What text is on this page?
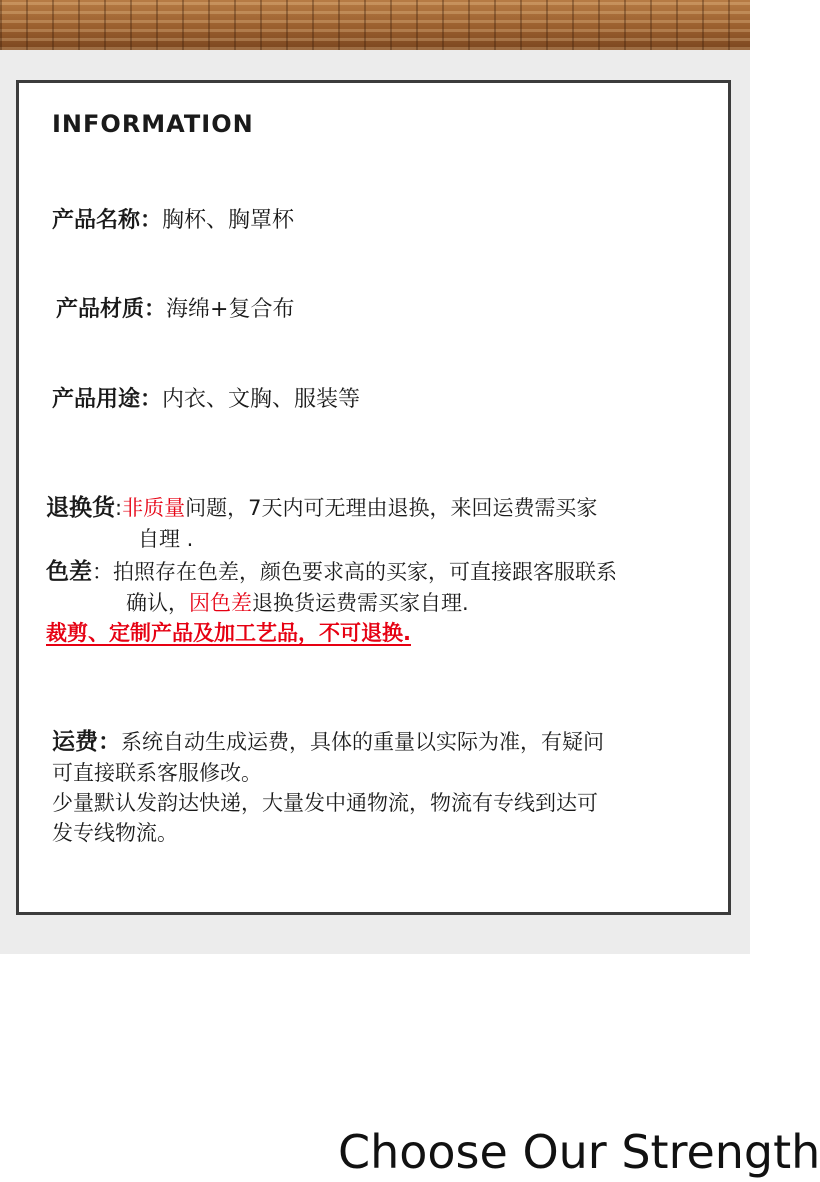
INFORMATION
产品名称：胸杯、胸罩杯
产品材质：海绵+复合布
产品用途：内衣、文胸、服装等
退换货:非质量问题，7天内可无理由退换，来回运费需买家
自理 .
色差：拍照存在色差，颜色要求高的买家，可直接跟客服联系
确认，因色差退换货运费需买家自理.
裁剪、定制产品及加工艺品，不可退换.
运费：系统自动生成运费，具体的重量以实际为准，有疑问
可直接联系客服修改。
少量默认发韵达快递，大量发中通物流，物流有专线到达可
发专线物流。
Choose Our Strength
